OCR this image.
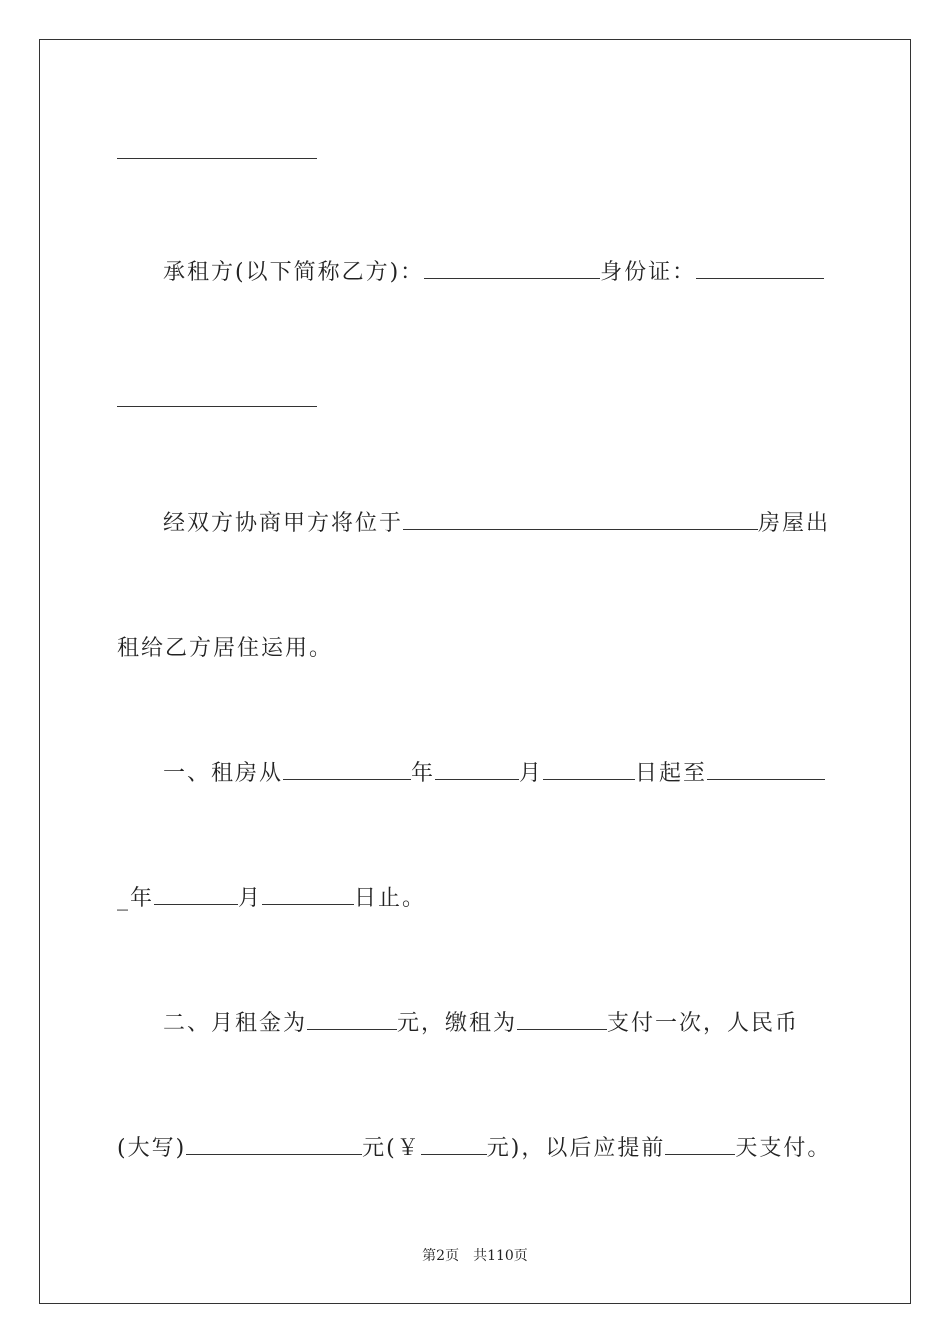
承租方(以下简称乙方)：	身份证：
经双方协商甲方将位于	房屋出
租给乙方居住运用。
一、租房从	年	月	日起至
_年	月	日止。
二、月租金为	元，缴租为	支付一次，人民币
(大写)	元(￥	元)，以后应提前	天支付。
第2页　共110页
